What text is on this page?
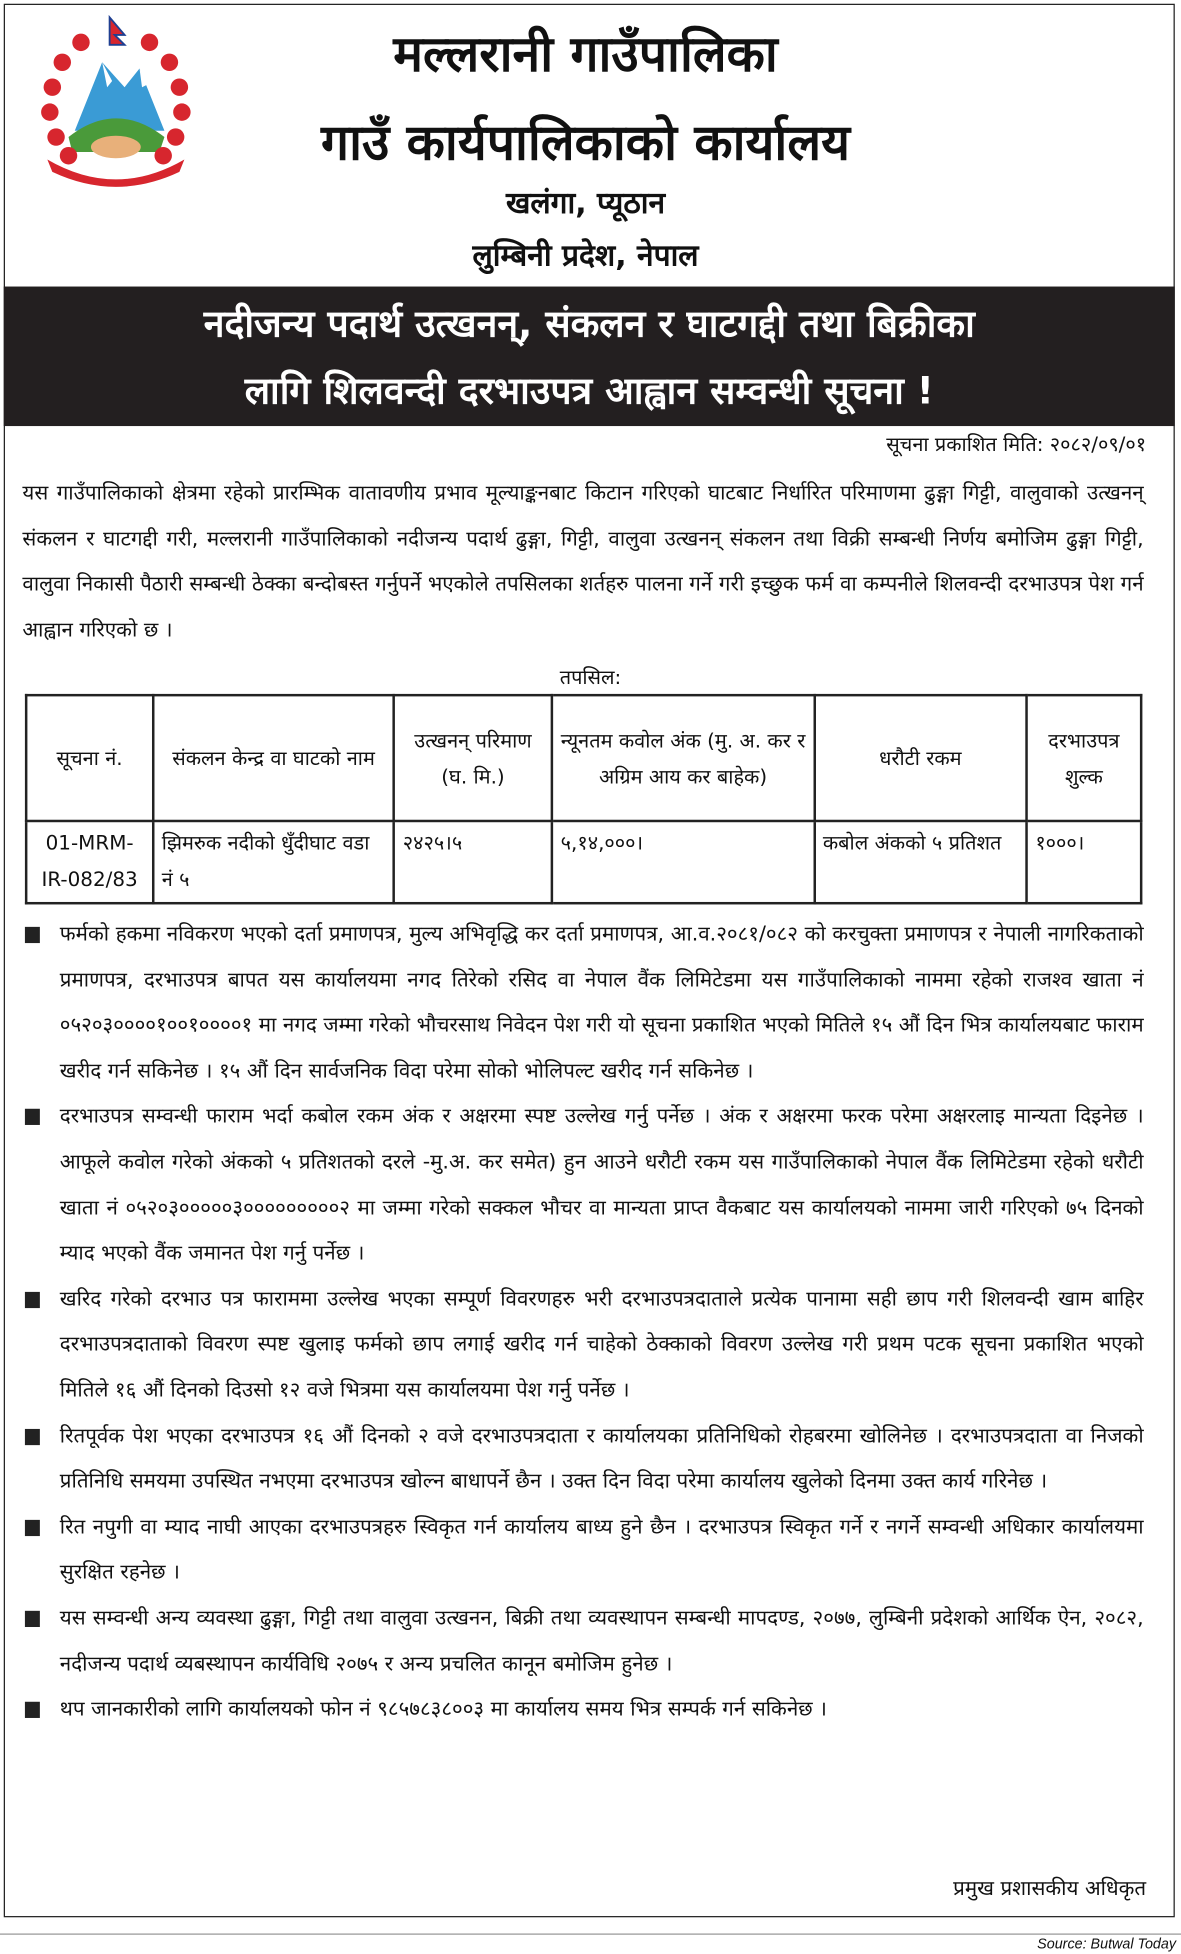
मल्लरानी गाउँपालिका
गाउँ कार्यपालिकाको कार्यालय
खलंगा, प्यूठान
लुम्बिनी प्रदेश, नेपाल
नदीजन्य पदार्थ उत्खनन्, संकलन र घाटगद्दी तथा बिक्रीका
लागि शिलवन्दी दरभाउपत्र आह्वान सम्वन्धी सूचना !
सूचना प्रकाशित मिति: २०८२/०९/०१

यस गाउँपालिकाको क्षेत्रमा रहेको प्रारम्भिक वातावणीय प्रभाव मूल्याङ्कनबाट किटान गरिएको घाटबाट निर्धारित परिमाणमा ढुङ्गा गिट्टी, वालुवाको उत्खनन् संकलन र घाटगद्दी गरी, मल्लरानी गाउँपालिकाको नदीजन्य पदार्थ ढुङ्गा, गिट्टी, वालुवा उत्खनन् संकलन तथा विक्री सम्बन्धी निर्णय बमोजिम ढुङ्गा गिट्टी, वालुवा निकासी पैठारी सम्बन्धी ठेक्का बन्दोबस्त गर्नुपर्ने भएकोले तपसिलका शर्तहरु पालना गर्ने गरी इच्छुक फर्म वा कम्पनीले शिलवन्दी दरभाउपत्र पेश गर्न आह्वान गरिएको छ ।

तपसिल:
सूचना नं.	संकलन केन्द्र वा घाटको नाम	उत्खनन् परिमाण (घ. मि.)	न्यूनतम कवोल अंक (मु. अ. कर र अग्रिम आय कर बाहेक)	धरौटी रकम	दरभाउपत्र शुल्क
01-MRM-IR-082/83	झिमरुक नदीको धुँदीघाट वडा नं ५	२४२५।५	५,१४,०००।	कबोल अंकको ५ प्रतिशत	१०००।

फर्मको हकमा नविकरण भएको दर्ता प्रमाणपत्र, मुल्य अभिवृद्धि कर दर्ता प्रमाणपत्र, आ.व.२०८१/०८२ को करचुक्ता प्रमाणपत्र र नेपाली नागरिकताको प्रमाणपत्र, दरभाउपत्र बापत यस कार्यालयमा नगद तिरेको रसिद वा नेपाल वैंक लिमिटेडमा यस गाउँपालिकाको नाममा रहेको राजश्व खाता नं ०५२०३००००१००१००००१ मा नगद जम्मा गरेको भौचरसाथ निवेदन पेश गरी यो सूचना प्रकाशित भएको मितिले १५ औं दिन भित्र कार्यालयबाट फाराम खरीद गर्न सकिनेछ । १५ औं दिन सार्वजनिक विदा परेमा सोको भोलिपल्ट खरीद गर्न सकिनेछ ।

दरभाउपत्र सम्वन्धी फाराम भर्दा कबोल रकम अंक र अक्षरमा स्पष्ट उल्लेख गर्नु पर्नेछ । अंक र अक्षरमा फरक परेमा अक्षरलाइ मान्यता दिइनेछ । आफूले कवोल गरेको अंकको ५ प्रतिशतको दरले -मु.अ. कर समेत) हुन आउने धरौटी रकम यस गाउँपालिकाको नेपाल वैंक लिमिटेडमा रहेको धरौटी खाता नं ०५२०३०००००३०००००००००२ मा जम्मा गरेको सक्कल भौचर वा मान्यता प्राप्त वैकबाट यस कार्यालयको नाममा जारी गरिएको ७५ दिनको म्याद भएको वैंक जमानत पेश गर्नु पर्नेछ ।

खरिद गरेको दरभाउ पत्र फाराममा उल्लेख भएका सम्पूर्ण विवरणहरु भरी दरभाउपत्रदाताले प्रत्येक पानामा सही छाप गरी शिलवन्दी खाम बाहिर दरभाउपत्रदाताको विवरण स्पष्ट खुलाइ फर्मको छाप लगाई खरीद गर्न चाहेको ठेक्काको विवरण उल्लेख गरी प्रथम पटक सूचना प्रकाशित भएको मितिले १६ औं दिनको दिउसो १२ वजे भित्रमा यस कार्यालयमा पेश गर्नु पर्नेछ ।

रितपूर्वक पेश भएका दरभाउपत्र १६ औं दिनको २ वजे दरभाउपत्रदाता र कार्यालयका प्रतिनिधिको रोहबरमा खोलिनेछ । दरभाउपत्रदाता वा निजको प्रतिनिधि समयमा उपस्थित नभएमा दरभाउपत्र खोल्न बाधापर्ने छैन । उक्त दिन विदा परेमा कार्यालय खुलेको दिनमा उक्त कार्य गरिनेछ ।

रित नपुगी वा म्याद नाघी आएका दरभाउपत्रहरु स्विकृत गर्न कार्यालय बाध्य हुने छैन । दरभाउपत्र स्विकृत गर्ने र नगर्ने सम्वन्धी अधिकार कार्यालयमा सुरक्षित रहनेछ ।

यस सम्वन्धी अन्य व्यवस्था ढुङ्गा, गिट्टी तथा वालुवा उत्खनन, बिक्री तथा व्यवस्थापन सम्बन्धी मापदण्ड, २०७७, लुम्बिनी प्रदेशको आर्थिक ऐन, २०८२, नदीजन्य पदार्थ व्यबस्थापन कार्यविधि २०७५ र अन्य प्रचलित कानून बमोजिम हुनेछ ।

थप जानकारीको लागि कार्यालयको फोन नं ९८५७८३८००३ मा कार्यालय समय भित्र सम्पर्क गर्न सकिनेछ ।

प्रमुख प्रशासकीय अधिकृत
Source: Butwal Today
